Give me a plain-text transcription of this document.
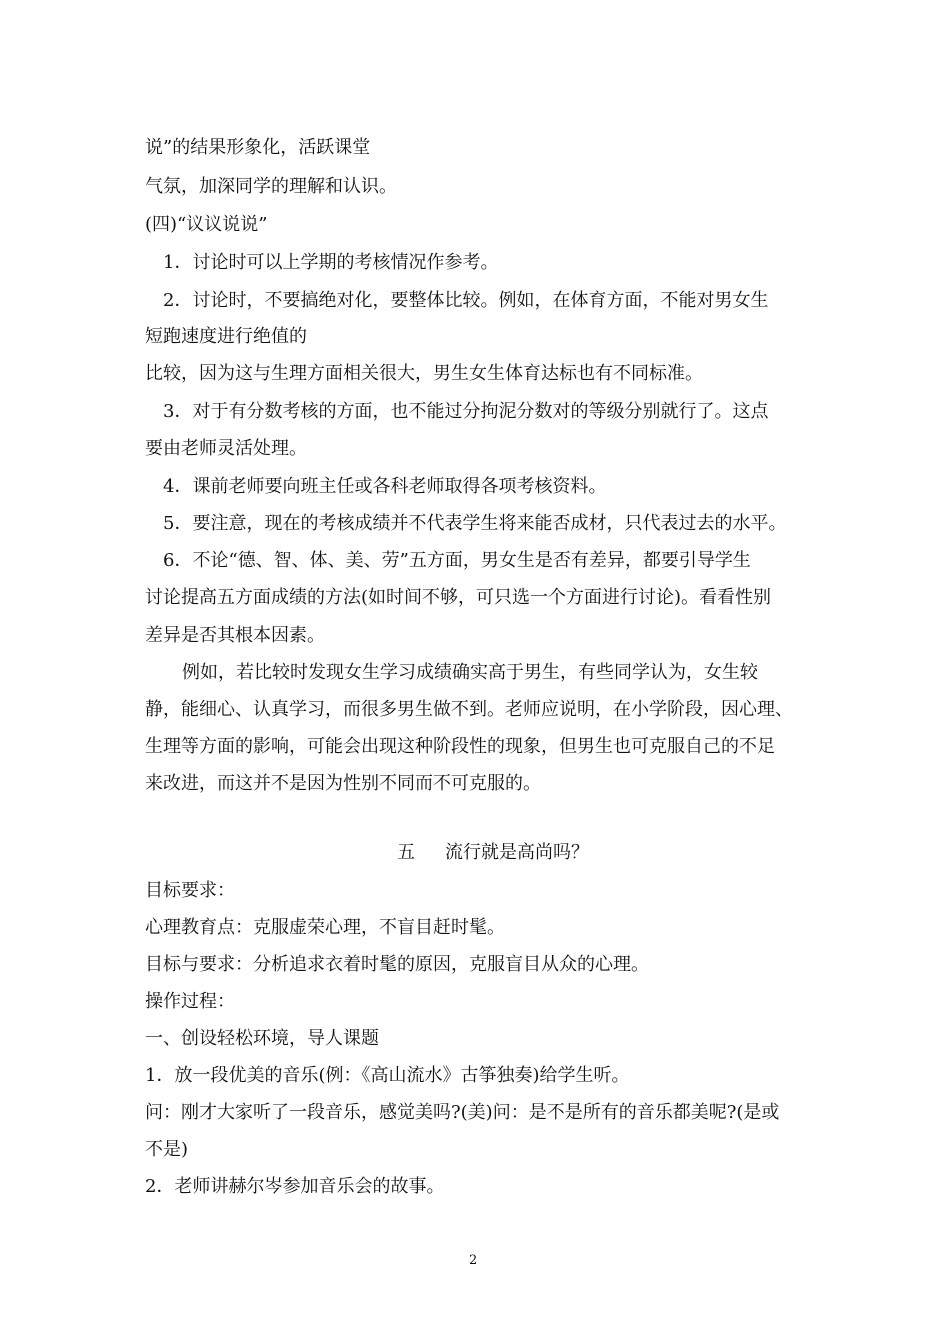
说”的结果形象化，活跃课堂
气氛，加深同学的理解和认识。
(四)“议议说说”
1．讨论时可以上学期的考核情况作参考。
2．讨论时，不要搞绝对化，要整体比较。例如，在体育方面，不能对男女生
短跑速度进行绝值的
比较，因为这与生理方面相关很大，男生女生体育达标也有不同标准。
3．对于有分数考核的方面，也不能过分拘泥分数对的等级分别就行了。这点
要由老师灵活处理。
4．课前老师要向班主任或各科老师取得各项考核资料。
5．要注意，现在的考核成绩并不代表学生将来能否成材，只代表过去的水平。
6．不论“德、智、体、美、劳”五方面，男女生是否有差异，都要引导学生
讨论提高五方面成绩的方法(如时间不够，可只选一个方面进行讨论)。看看性别
差异是否其根本因素。
例如，若比较时发现女生学习成绩确实高于男生，有些同学认为，女生较
静，能细心、认真学习，而很多男生做不到。老师应说明，在小学阶段，因心理、
生理等方面的影响，可能会出现这种阶段性的现象，但男生也可克服自己的不足
来改进，而这并不是因为性别不同而不可克服的。
五 流行就是高尚吗？
目标要求：
心理教育点：克服虚荣心理，不盲目赶时髦。
目标与要求：分析追求衣着时髦的原因，克服盲目从众的心理。
操作过程：
一、创设轻松环境，导人课题
1．放一段优美的音乐(例：《高山流水》古筝独奏)给学生听。
问：刚才大家听了一段音乐，感觉美吗?(美)问：是不是所有的音乐都美呢?(是或
不是)
2．老师讲赫尔岑参加音乐会的故事。
2
